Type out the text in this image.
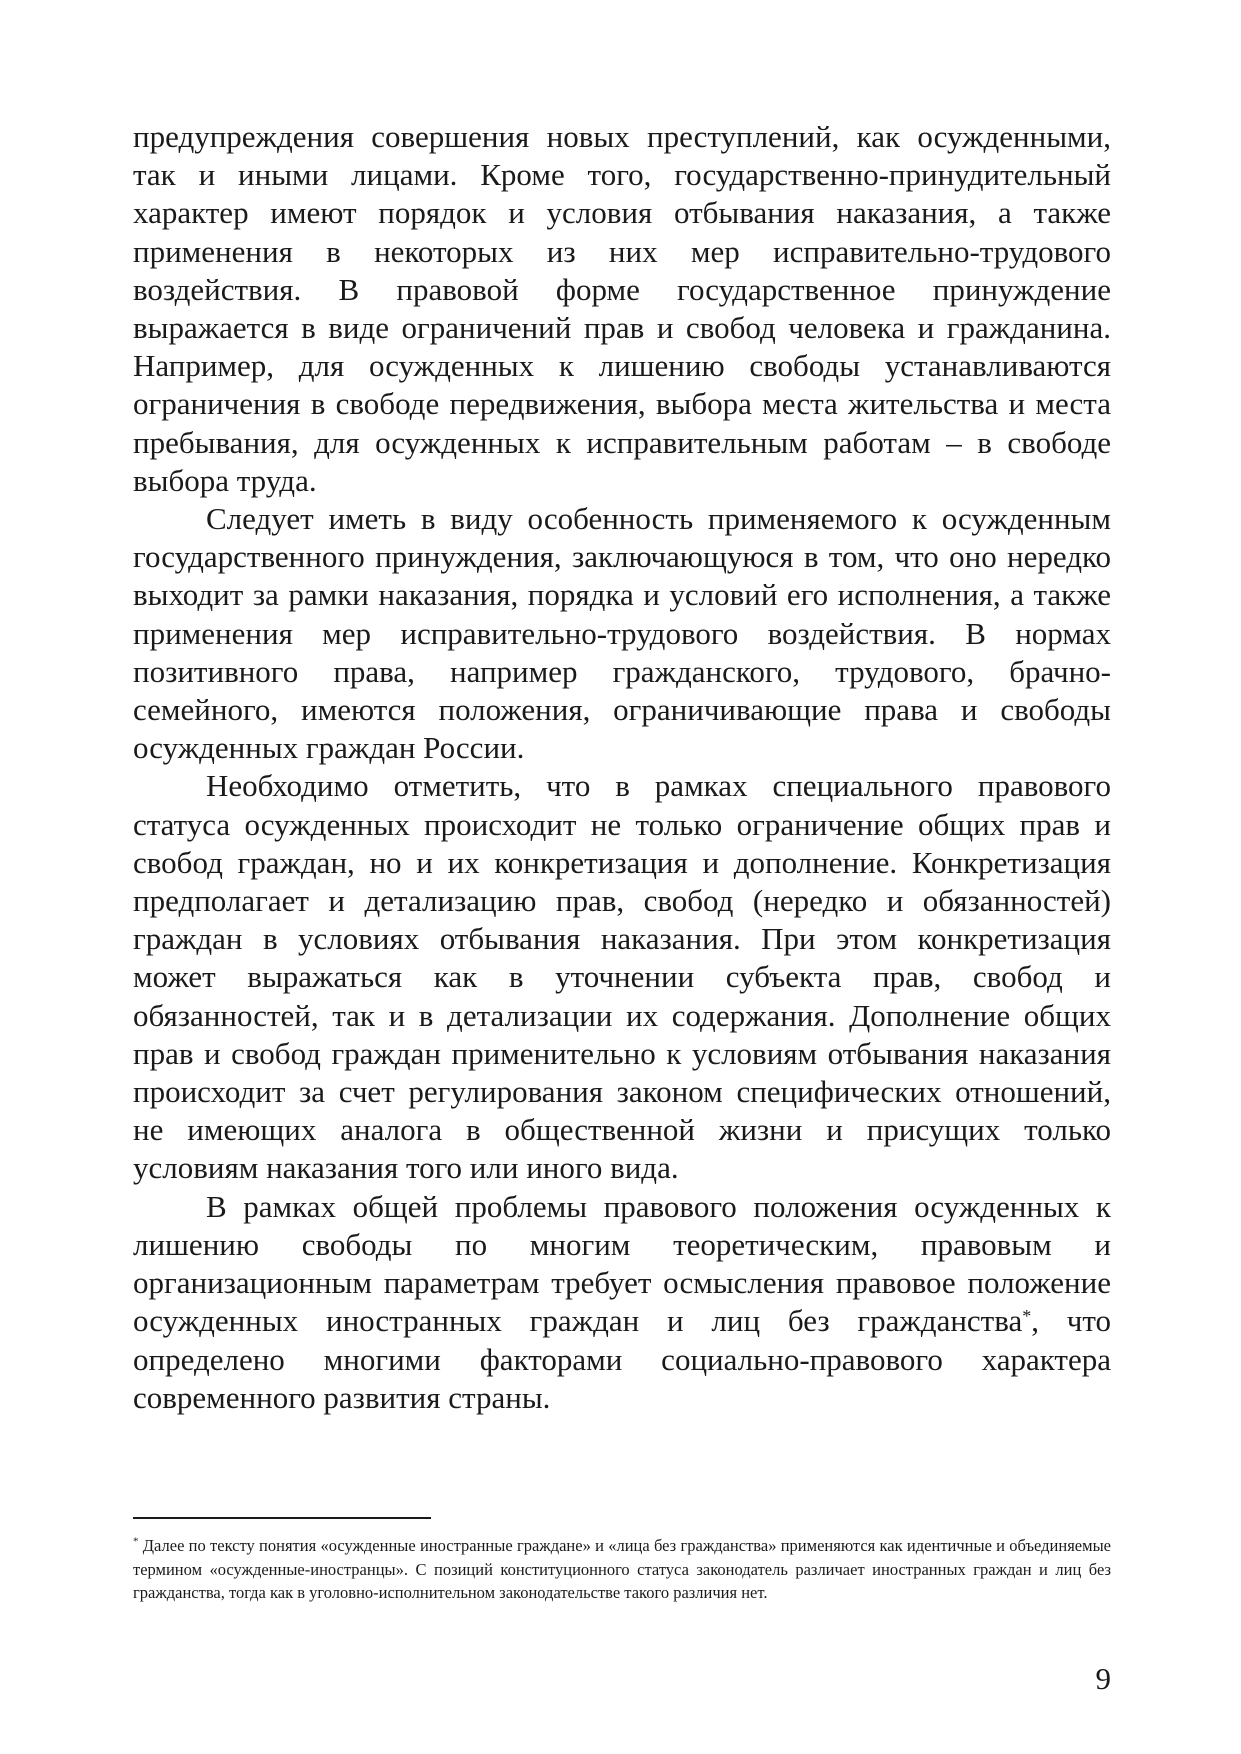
предупреждения совершения новых преступлений, как осужденными, так и иными лицами. Кроме того, государственно-принудительный характер имеют порядок и условия отбывания наказания, а также применения в некоторых из них мер исправительно-трудового воздействия. В правовой форме государственное принуждение выражается в виде ограничений прав и свобод человека и гражданина. Например, для осужденных к лишению свободы устанавливаются ограничения в свободе передвижения, выбора места жительства и места пребывания, для осужденных к исправительным работам – в свободе выбора труда.

Следует иметь в виду особенность применяемого к осужденным государственного принуждения, заключающуюся в том, что оно нередко выходит за рамки наказания, порядка и условий его исполнения, а также применения мер исправительно-трудового воздействия. В нормах позитивного права, например гражданского, трудового, брачно-семейного, имеются положения, ограничивающие права и свободы осужденных граждан России.

Необходимо отметить, что в рамках специального правового статуса осужденных происходит не только ограничение общих прав и свобод граждан, но и их конкретизация и дополнение. Конкретизация предполагает и детализацию прав, свобод (нередко и обязанностей) граждан в условиях отбывания наказания. При этом конкретизация может выражаться как в уточнении субъекта прав, свобод и обязанностей, так и в детализации их содержания. Дополнение общих прав и свобод граждан применительно к условиям отбывания наказания происходит за счет регулирования законом специфических отношений, не имеющих аналога в общественной жизни и присущих только условиям наказания того или иного вида.

В рамках общей проблемы правового положения осужденных к лишению свободы по многим теоретическим, правовым и организационным параметрам требует осмысления правовое положение осужденных иностранных граждан и лиц без гражданства*, что определено многими факторами социально-правового характера современного развития страны.

* Далее по тексту понятия «осужденные иностранные граждане» и «лица без гражданства» применяются как идентичные и объединяемые термином «осужденные-иностранцы». С позиций конституционного статуса законодатель различает иностранных граждан и лиц без гражданства, тогда как в уголовно-исполнительном законодательстве такого различия нет.

9
